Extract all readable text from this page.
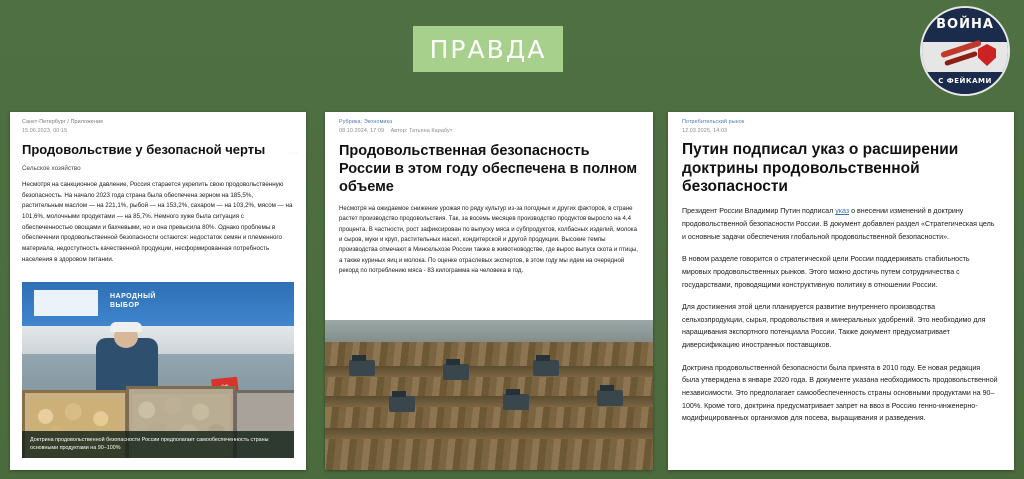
ПРАВДА
ВОЙНА
С ФЕЙКАМИ
Санкт-Петербург / Приложение
15.06.2023, 00:15
Продовольствие у безопасной черты
Сельское хозяйство

Несмотря на санкционное давление, Россия старается укрепить свою продовольственную безопасность. На начало 2023 года страна была обеспечена зерном на 185,5%, растительным маслом — на 221,1%, рыбой — на 153,2%, сахаром — на 103,2%, мясом — на 101,6%, молочными продуктами — на 85,7%. Немного хуже была ситуация с обеспеченностью овощами и бахчевыми, но и она превысила 80%. Однако проблемы в обеспечении продовольственной безопасности остаются: недостаток семян и племенного материала, недоступность качественной продукции, несформированная потребность населения в здоровом питании.

⋯
НАРОДНЫЙ
ВЫБОР
Доктрина продовольственной безопасности России предполагает самообеспеченность страны основными продуктами на 90–100%
Рубрика: Экономика
08.10.2024, 17:09 Автор: Татьяна Карабут
Продовольственная безопасность России в этом году обеспечена в полном объеме

Несмотря на ожидаемое снижение урожая по ряду культур из-за погодных и других факторов, в стране растет производство продовольствия. Так, за восемь месяцев производство продуктов выросло на 4,4 процента. В частности, рост зафиксирован по выпуску мяса и субпродуктов, колбасных изделий, молока и сыров, муки и круп, растительных масел, кондитерской и другой продукции. Высокие темпы производства отмечают в Минсельхозе России также в животноводстве, где вырос выпуск скота и птицы, а также куриных яиц и молока. По оценке отраслевых экспертов, в этом году мы идем на очередной рекорд по потреблению мяса - 83 килограмма на человека в год.

Потребительский рынок
12.03.2025, 14:03
Путин подписал указ о расширении доктрины продовольственной безопасности

Президент России Владимир Путин подписал указ о внесении изменений в доктрину продовольственной безопасности России. В документ добавлен раздел «Стратегическая цель и основные задачи обеспечения глобальной продовольственной безопасности».

В новом разделе говорится о стратегической цели России поддерживать стабильность мировых продовольственных рынков. Этого можно достичь путем сотрудничества с государствами, проводящими конструктивную политику в отношении России.

Для достижения этой цели планируется развитие внутреннего производства сельхозпродукции, сырья, продовольствия и минеральных удобрений. Это необходимо для наращивания экспортного потенциала России. Также документ предусматривает диверсификацию иностранных поставщиков.

Доктрина продовольственной безопасности была принята в 2010 году. Ее новая редакция была утверждена в январе 2020 года. В документе указана необходимость продовольственной независимости. Это предполагает самообеспеченность страны основными продуктами на 90–100%. Кроме того, доктрина предусматривает запрет на ввоз в Россию генно-инженерно-модифицированных организмов для посева, выращивания и разведения.
